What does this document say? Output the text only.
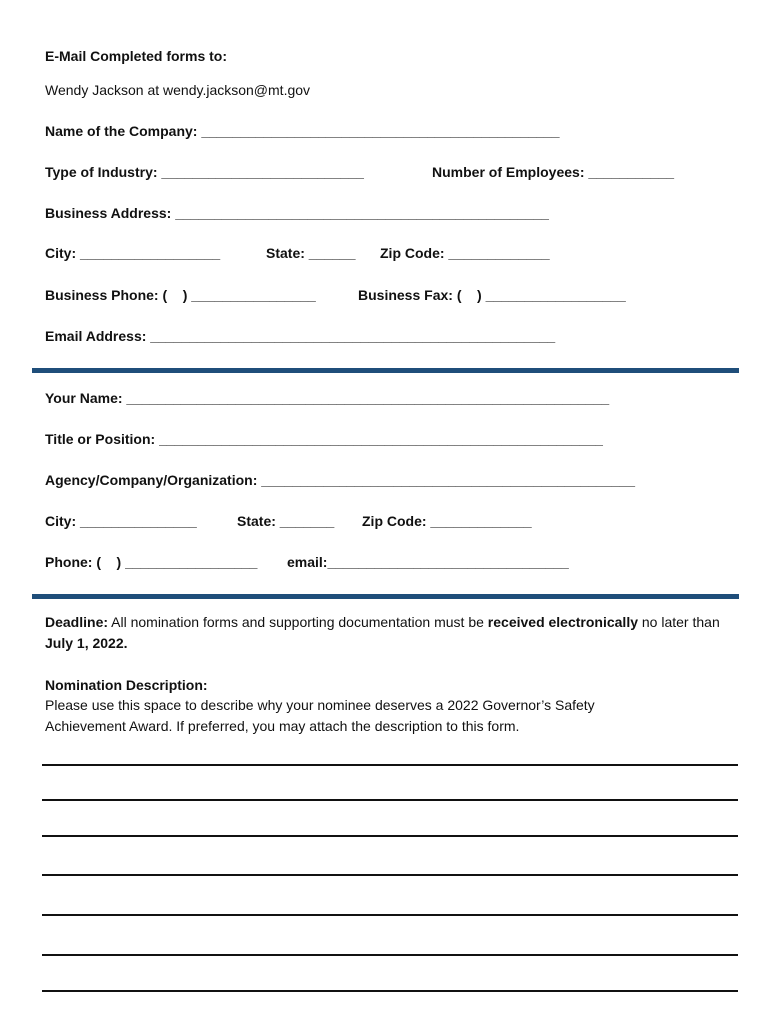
E-Mail Completed forms to:
Wendy Jackson at wendy.jackson@mt.gov
Name of the Company: ______________________________________________
Type of Industry: __________________________	Number of Employees: ___________
Business Address: ________________________________________________
City: __________________	State: ______ Zip Code: _____________
Business Phone: (    ) ________________	Business Fax: (    ) __________________
Email Address: ____________________________________________________
Your Name: ______________________________________________________________
Title or Position: _________________________________________________________
Agency/Company/Organization: ________________________________________________
City: _______________	State: _______ Zip Code: _____________
Phone: (    ) _________________ email:_______________________________
Deadline: All nomination forms and supporting documentation must be received electronically no later than July 1, 2022.
Nomination Description:
Please use this space to describe why your nominee deserves a 2022 Governor’s Safety Achievement Award. If preferred, you may attach the description to this form.
